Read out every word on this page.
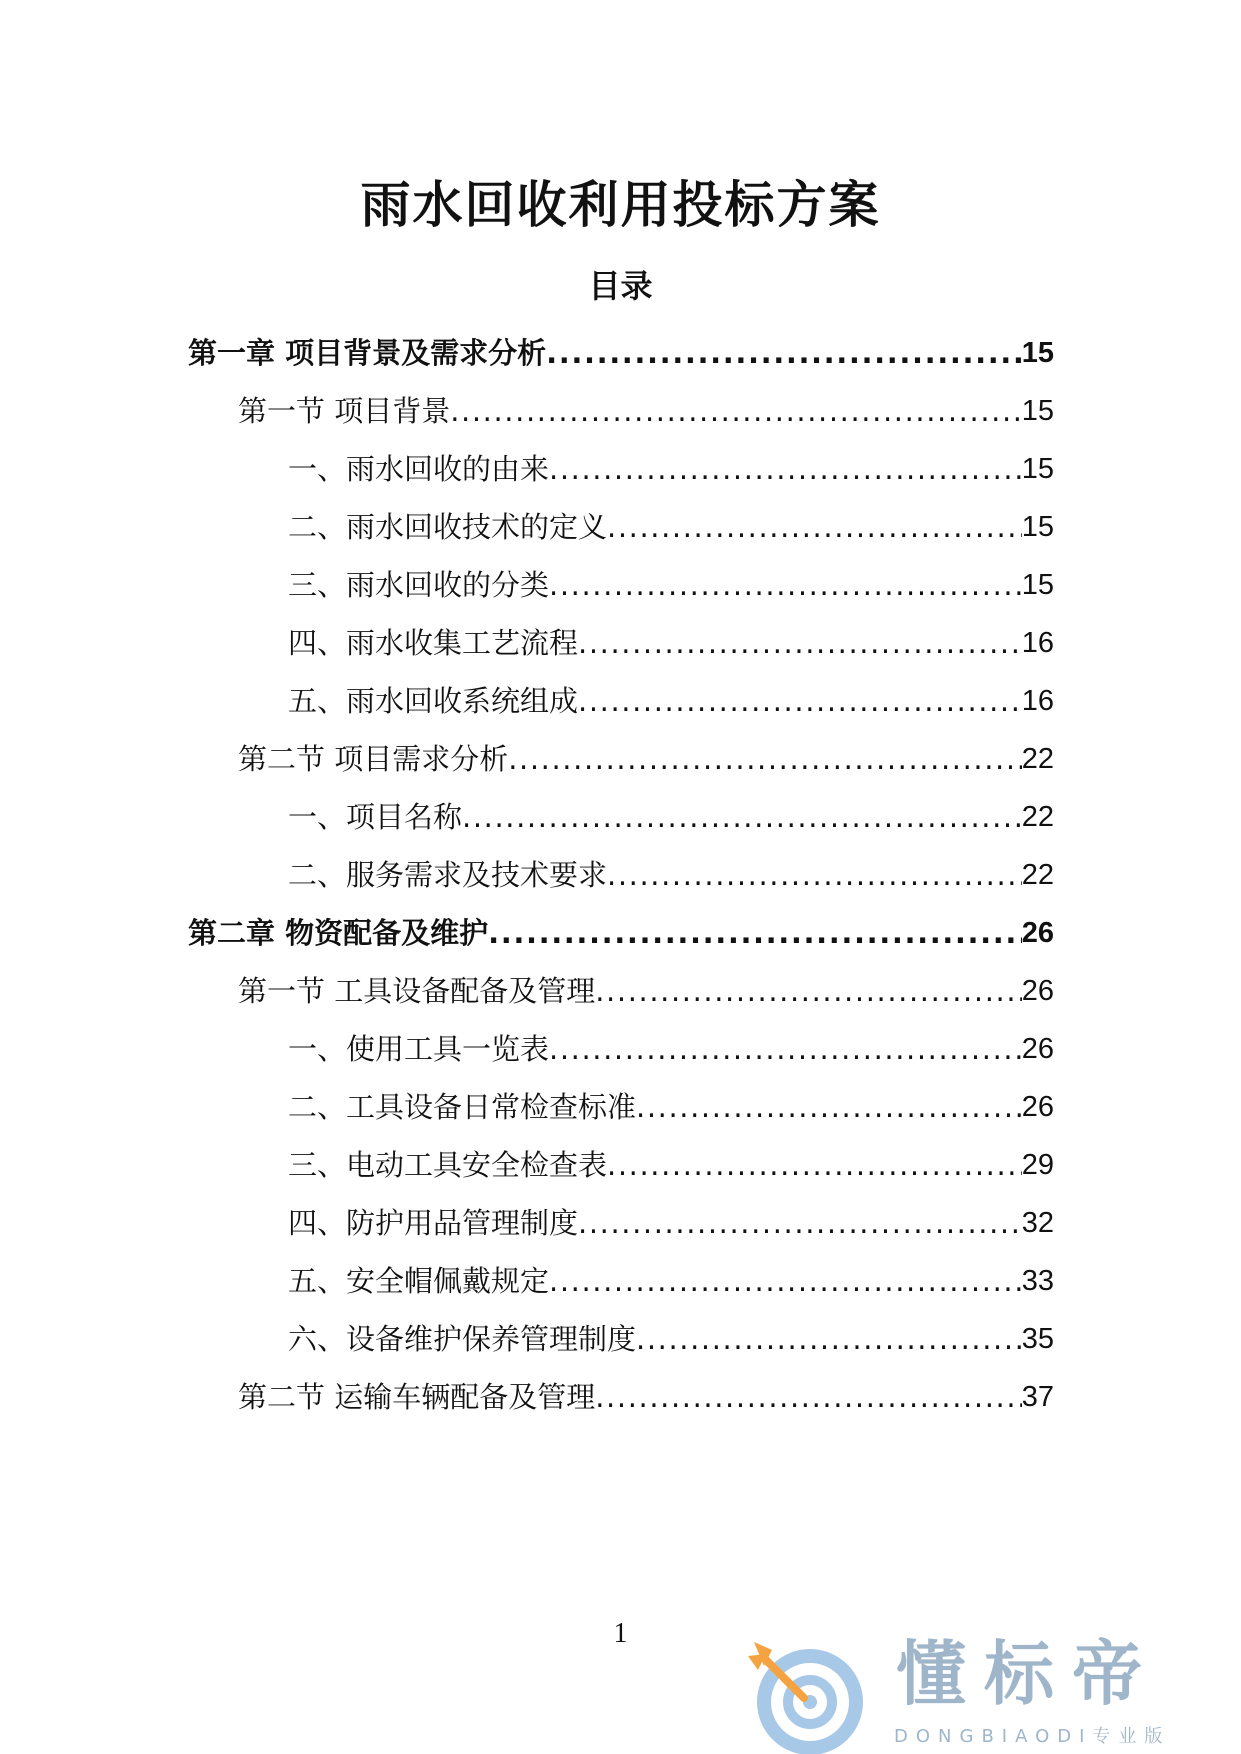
雨水回收利用投标方案
目录
第一章 项目背景及需求分析 .....	15
第一节 项目背景 .....	15
一、雨水回收的由来 .....	15
二、雨水回收技术的定义 .....	15
三、雨水回收的分类 .....	15
四、雨水收集工艺流程 .....	16
五、雨水回收系统组成 .....	16
第二节 项目需求分析 .....	22
一、项目名称 .....	22
二、服务需求及技术要求 .....	22
第二章 物资配备及维护 .....	26
第一节 工具设备配备及管理 .....	26
一、使用工具一览表 .....	26
二、工具设备日常检查标准 .....	26
三、电动工具安全检查表 .....	29
四、防护用品管理制度 .....	32
五、安全帽佩戴规定 .....	33
六、设备维护保养管理制度 .....	35
第二节 运输车辆配备及管理 .....	37
1	懂标帝
DONGBIAODI专业版
